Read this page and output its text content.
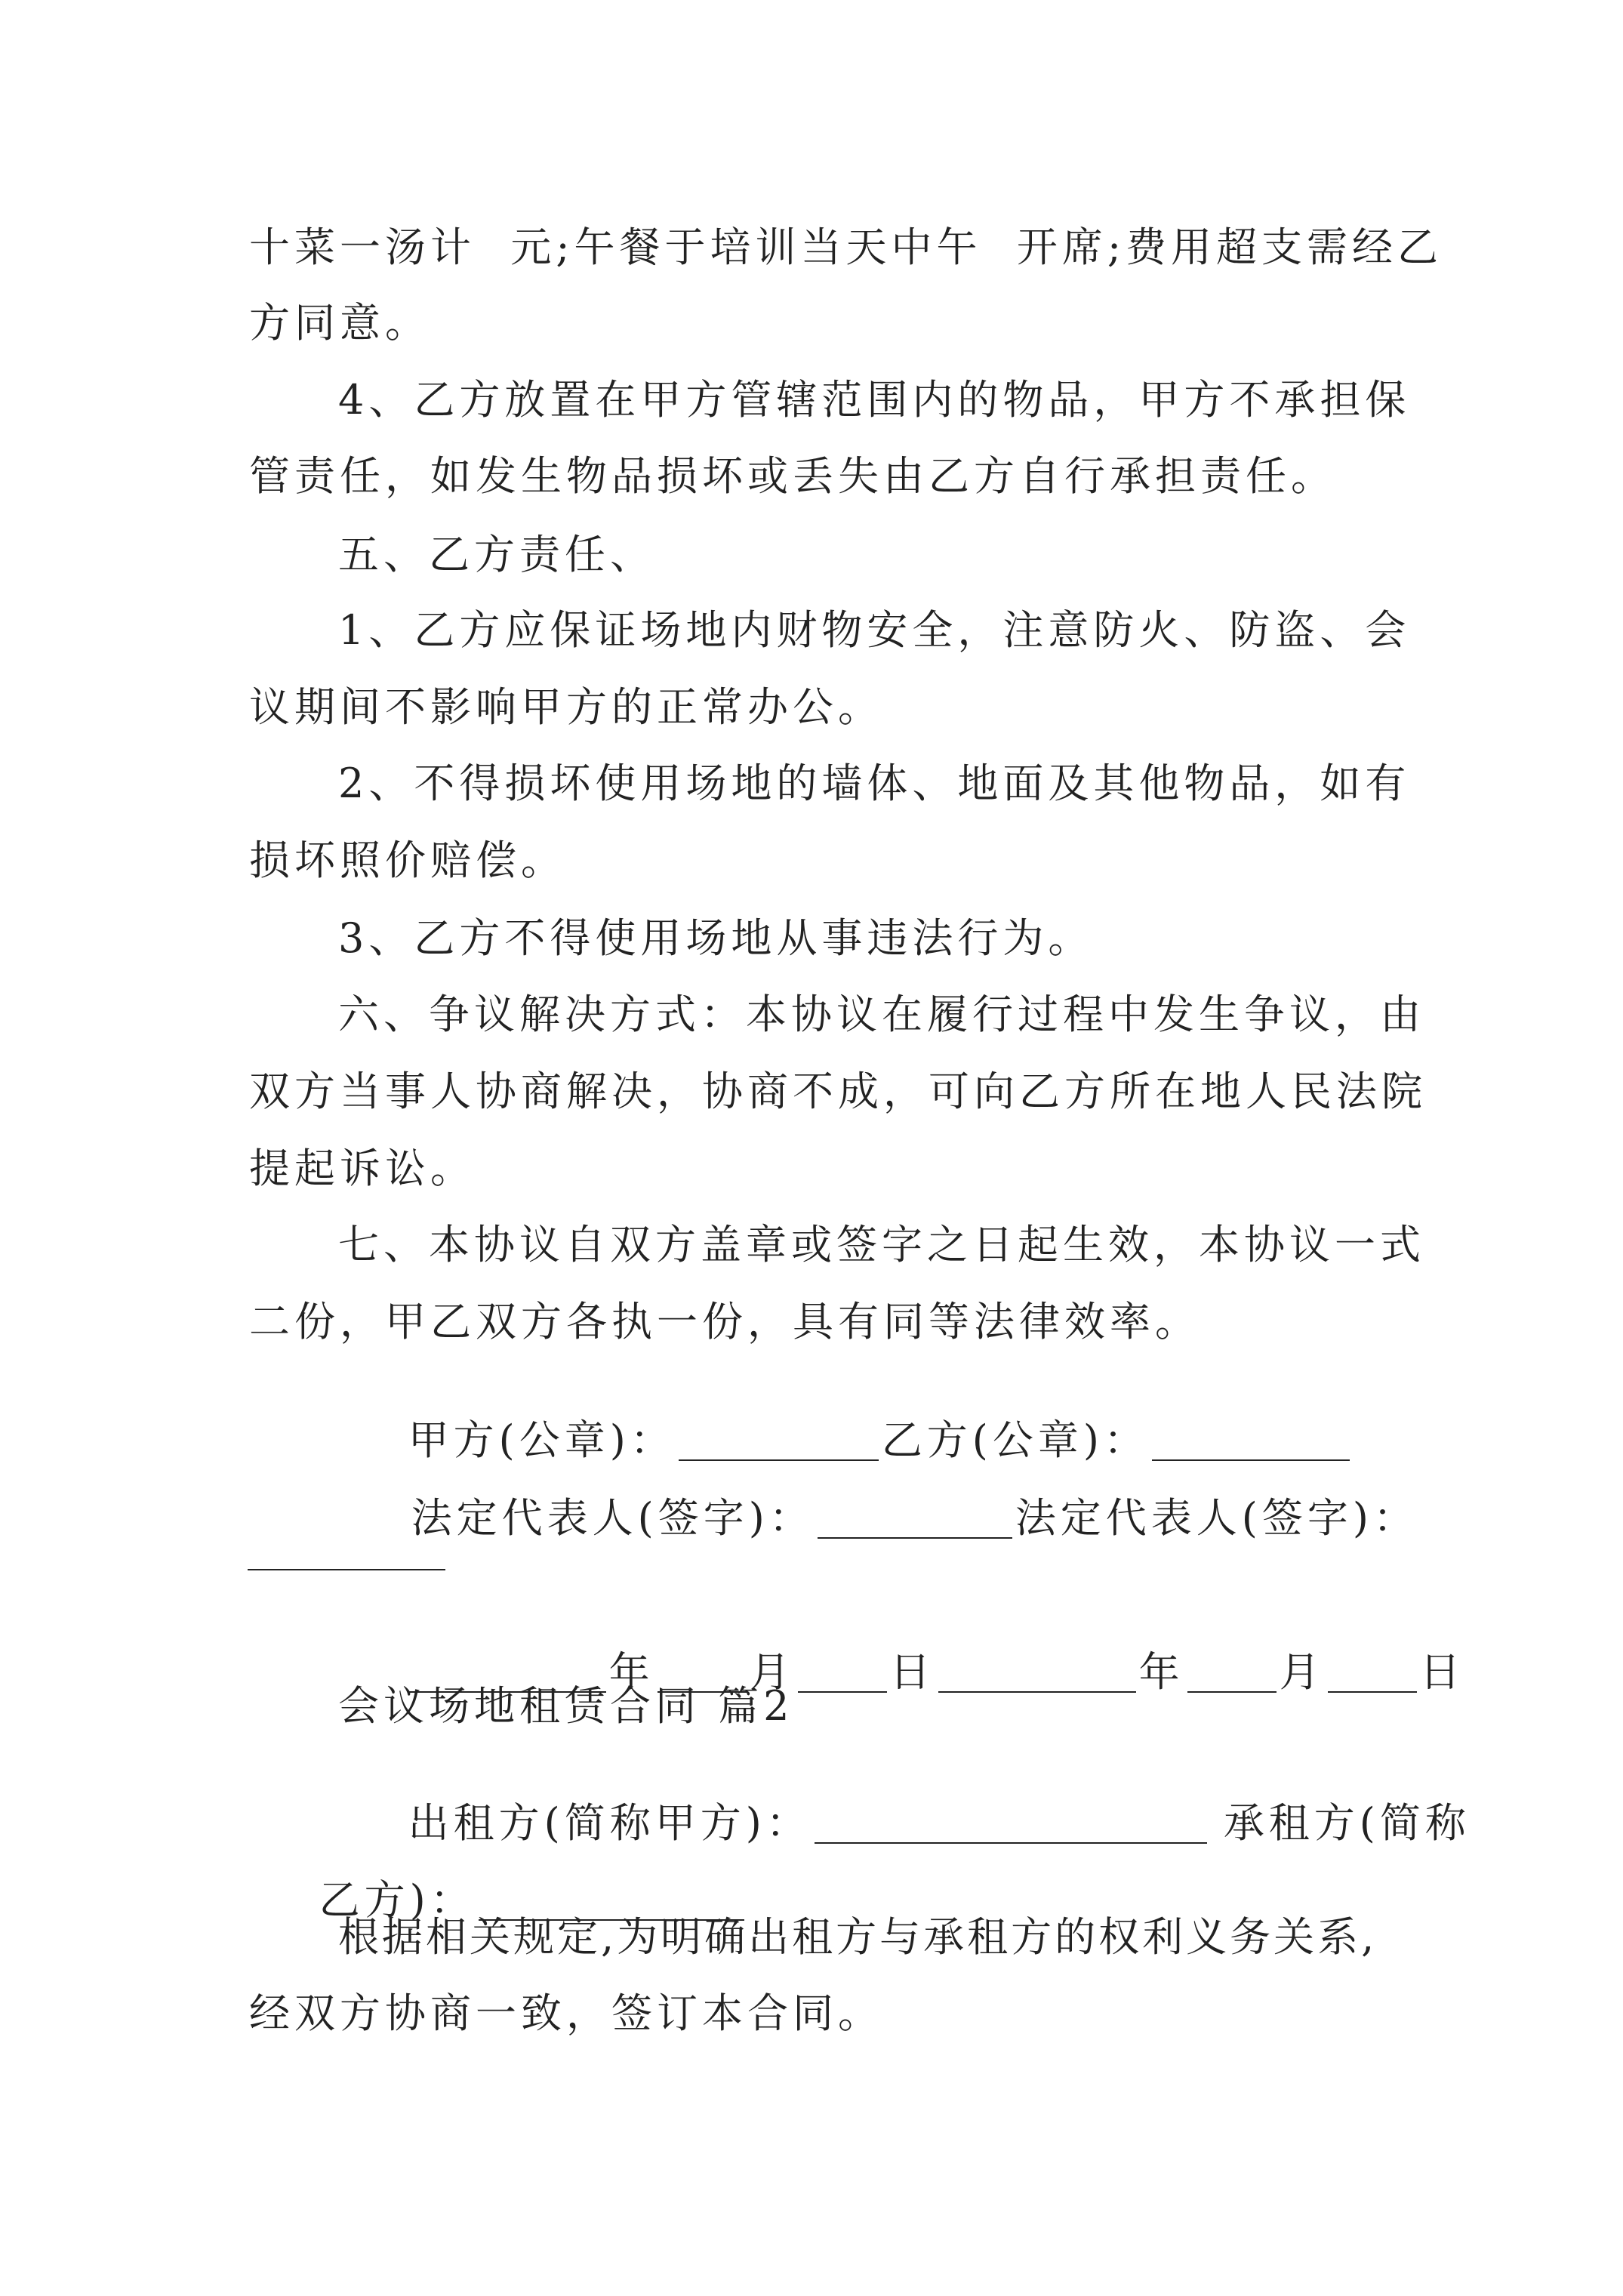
十菜一汤计  元;午餐于培训当天中午  开席;费用超支需经乙
方同意。
4、乙方放置在甲方管辖范围内的物品，甲方不承担保
管责任，如发生物品损坏或丢失由乙方自行承担责任。
五、乙方责任、
1、乙方应保证场地内财物安全，注意防火、防盗、会
议期间不影响甲方的正常办公。
2、不得损坏使用场地的墙体、地面及其他物品，如有
损坏照价赔偿。
3、乙方不得使用场地从事违法行为。
六、争议解决方式：本协议在履行过程中发生争议，由
双方当事人协商解决，协商不成，可向乙方所在地人民法院
提起诉讼。
七、本协议自双方盖章或签字之日起生效，本协议一式
二份，甲乙双方各执一份，具有同等法律效率。

甲方(公章)：	乙方(公章)：

法定代表人(签字)：	法定代表人(签字)：

年 月 日	年 月 日

会议场地租赁合同 篇2

出租方(简称甲方)：	承租方(简称

乙方)：

根据相关规定,为明确出租方与承租方的权利义务关系,
经双方协商一致，签订本合同。
